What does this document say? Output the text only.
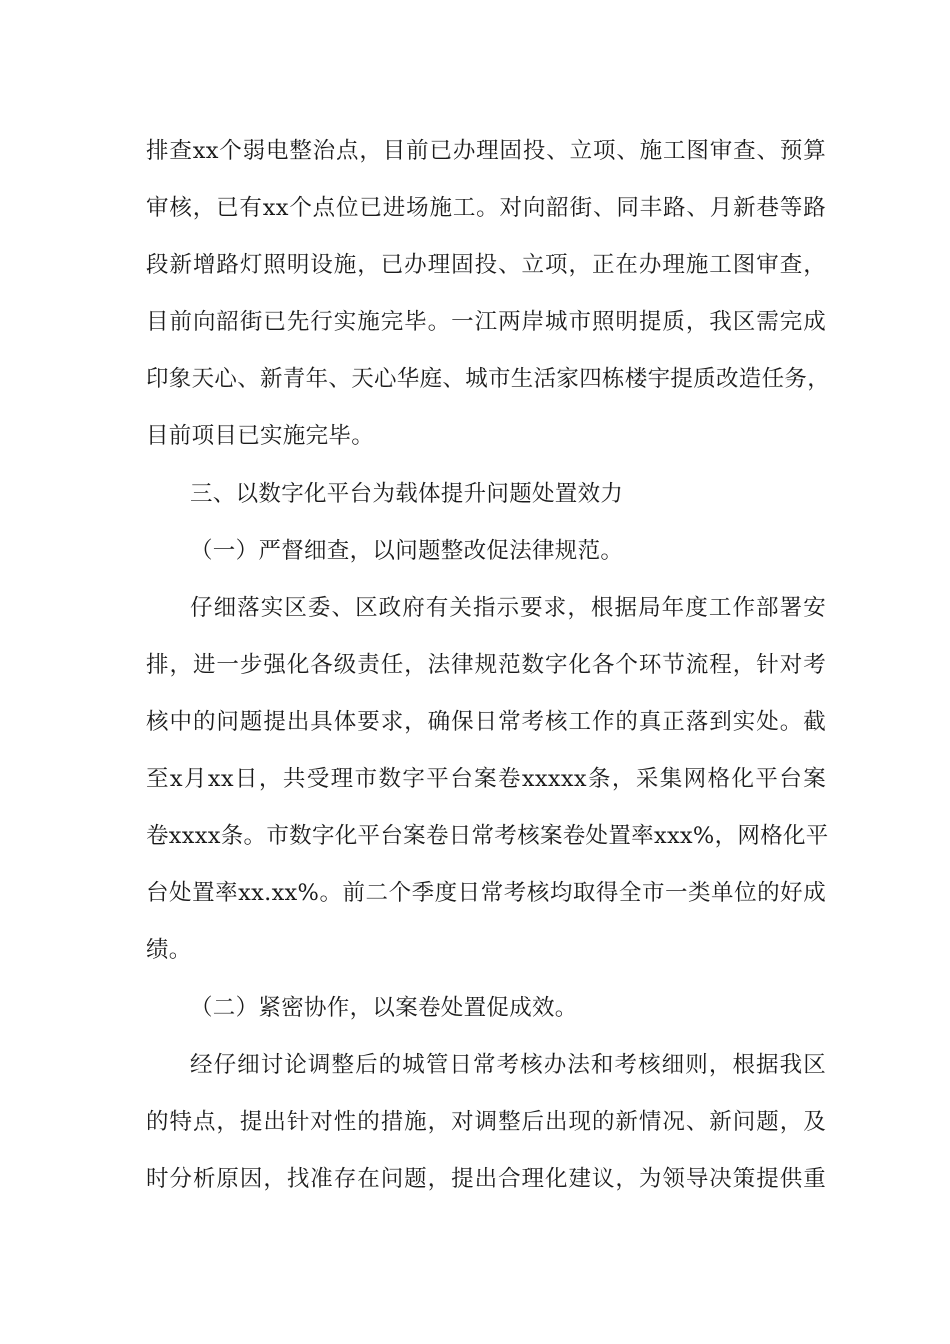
排查xx个弱电整治点，目前已办理固投、立项、施工图审查、预算
审核，已有xx个点位已进场施工。对向韶街、同丰路、月新巷等路
段新增路灯照明设施，已办理固投、立项，正在办理施工图审查，
目前向韶街已先行实施完毕。一江两岸城市照明提质，我区需完成
印象天心、新青年、天心华庭、城市生活家四栋楼宇提质改造任务，
目前项目已实施完毕。
三、以数字化平台为载体提升问题处置效力
（一）严督细查，以问题整改促法律规范。
仔细落实区委、区政府有关指示要求，根据局年度工作部署安
排，进一步强化各级责任，法律规范数字化各个环节流程，针对考
核中的问题提出具体要求，确保日常考核工作的真正落到实处。截
至x月xx日，共受理市数字平台案卷xxxxx条，采集网格化平台案
卷xxxx条。市数字化平台案卷日常考核案卷处置率xxx%，网格化平
台处置率xx.xx%。前二个季度日常考核均取得全市一类单位的好成
绩。
（二）紧密协作，以案卷处置促成效。
经仔细讨论调整后的城管日常考核办法和考核细则，根据我区
的特点，提出针对性的措施，对调整后出现的新情况、新问题，及
时分析原因，找准存在问题，提出合理化建议，为领导决策提供重
